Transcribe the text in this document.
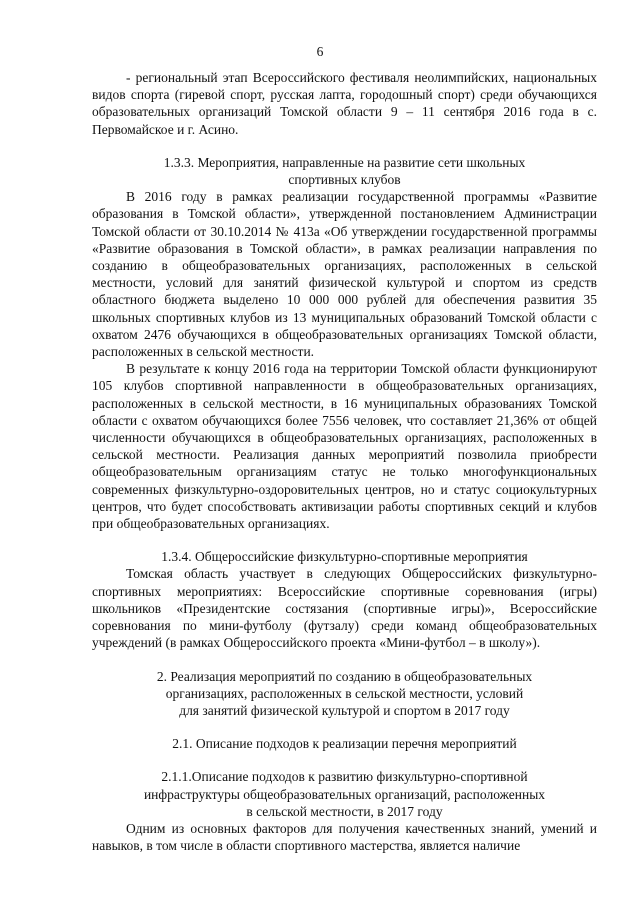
6

- региональный этап Всероссийского фестиваля неолимпийских, национальных видов спорта (гиревой спорт, русская лапта, городошный спорт) среди обучающихся образовательных организаций Томской области 9 – 11 сентября 2016 года в с. Первомайское и г. Асино.

1.3.3. Мероприятия, направленные на развитие сети школьных
спортивных клубов

В 2016 году в рамках реализации государственной программы «Развитие образования в Томской области», утвержденной постановлением Администрации Томской области от 30.10.2014 № 413а «Об утверждении государственной программы «Развитие образования в Томской области», в рамках реализации направления по созданию в общеобразовательных организациях, расположенных в сельской местности, условий для занятий физической культурой и спортом из средств областного бюджета выделено 10 000 000 рублей для обеспечения развития 35 школьных спортивных клубов из 13 муниципальных образований Томской области с охватом 2476 обучающихся в общеобразовательных организациях Томской области, расположенных в сельской местности.

В результате к концу 2016 года на территории Томской области функционируют 105 клубов спортивной направленности в общеобразовательных организациях, расположенных в сельской местности, в 16 муниципальных образованиях Томской области с охватом обучающихся более 7556 человек, что составляет 21,36% от общей численности обучающихся в общеобразовательных организациях, расположенных в сельской местности. Реализация данных мероприятий позволила приобрести общеобразовательным организациям статус не только многофункциональных современных физкультурно-оздоровительных центров, но и статус социокультурных центров, что будет способствовать активизации работы спортивных секций и клубов при общеобразовательных организациях.

1.3.4. Общероссийские физкультурно-спортивные мероприятия

Томская область участвует в следующих Общероссийских физкультурно-спортивных мероприятиях: Всероссийские спортивные соревнования (игры) школьников «Президентские состязания (спортивные игры)», Всероссийские соревнования по мини-футболу (футзалу) среди команд общеобразовательных учреждений (в рамках Общероссийского проекта «Мини-футбол – в школу»).

2. Реализация мероприятий по созданию в общеобразовательных
организациях, расположенных в сельской местности, условий
для занятий физической культурой и спортом в 2017 году
2.1. Описание подходов к реализации перечня мероприятий
2.1.1.Описание подходов к развитию физкультурно-спортивной
инфраструктуры общеобразовательных организаций, расположенных
в сельской местности, в 2017 году

Одним из основных факторов для получения качественных знаний, умений и навыков, в том числе в области спортивного мастерства, является наличие
